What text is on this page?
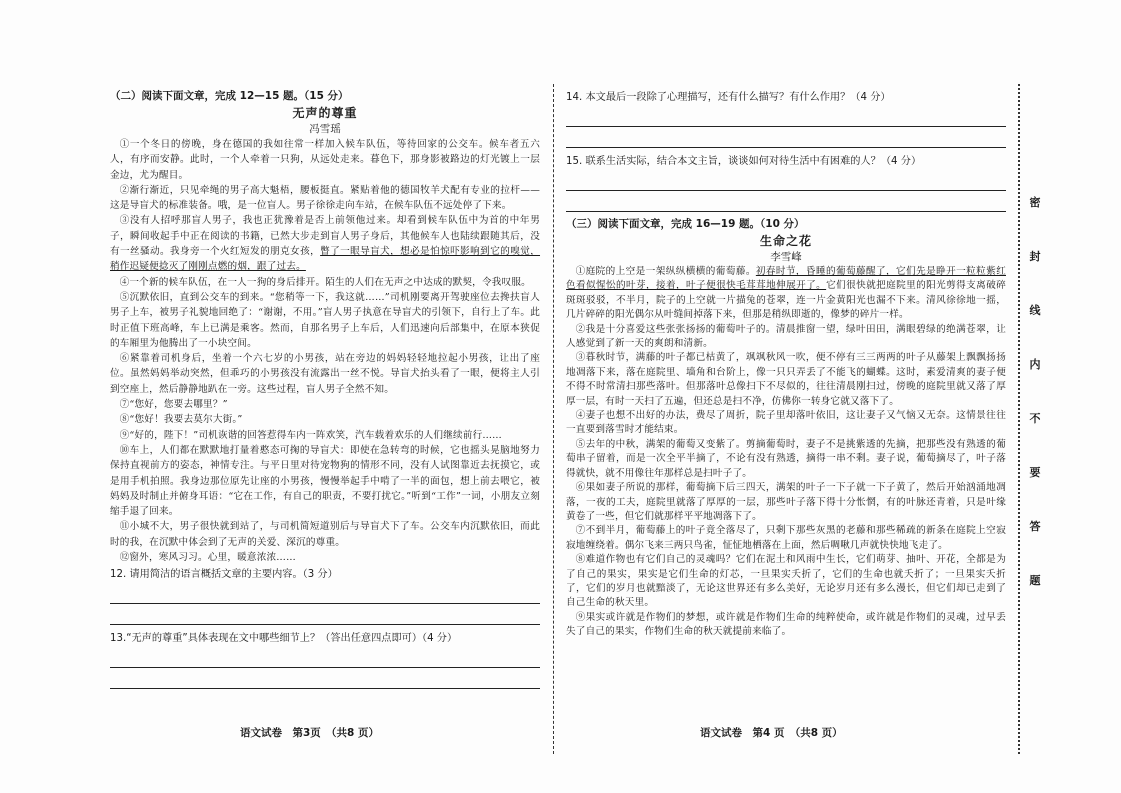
（二）阅读下面文章，完成 12—15 题。（15 分）
无声的尊重
冯雪瑶

①一个冬日的傍晚，身在德国的我如往常一样加入候车队伍，等待回家的公交车。候车者五六人，有序而安静。此时，一个人牵着一只狗，从远处走来。暮色下，那身影被路边的灯光镀上一层金边，尤为醒目。

②渐行渐近，只见牵绳的男子高大魁梧，腰板挺直。紧贴着他的德国牧羊犬配有专业的拉杆——这是导盲犬的标准装备。哦，是一位盲人。男子徐徐走向车站，在候车队伍不远处停了下来。

③没有人招呼那盲人男子，我也正犹豫着是否上前领他过来。却看到候车队伍中为首的中年男子，瞬间收起手中正在阅读的书籍，已然大步走到盲人男子身后，其他候车人也陆续跟随其后，没有一丝骚动。我身旁一个火红短发的朋克女孩，瞥了一眼导盲犬，想必是怕惊吓影响到它的嗅觉，稍作迟疑便捻灭了刚刚点燃的烟，跟了过去。

④一个新的候车队伍，在一人一狗的身后排开。陌生的人们在无声之中达成的默契，令我叹服。

⑤沉默依旧，直到公交车的到来。“您稍等一下，我这就……”司机刚要离开驾驶座位去搀扶盲人男子上车，被男子礼貌地回绝了：“谢谢，不用。”盲人男子执意在导盲犬的引领下，自行上了车。此时正值下班高峰，车上已满是乘客。然而，自那名男子上车后，人们迅速向后部集中，在原本狭促的车厢里为他腾出了一小块空间。

⑥紧靠着司机身后，坐着一个六七岁的小男孩，站在旁边的妈妈轻轻地拉起小男孩，让出了座位。虽然妈妈举动突然，但乖巧的小男孩没有流露出一丝不悦。导盲犬抬头看了一眼，便将主人引到空座上，然后静静地趴在一旁。这些过程，盲人男子全然不知。

⑦“您好，您要去哪里？”

⑧“您好！我要去莫尔大街。”

⑨“好的，陛下！”司机诙谐的回答惹得车内一阵欢笑，汽车载着欢乐的人们继续前行……

⑩车上，人们都在默默地打量着憨态可掬的导盲犬：即使在急转弯的时候，它也摇头晃脑地努力保持直视前方的姿态，神情专注。与平日里对待宠物狗的情形不同，没有人试图靠近去抚摸它，或是用手机拍照。我身边那位原先让座的小男孩，慢慢举起手中啃了一半的面包，想上前去喂它，被妈妈及时制止并俯身耳语：“它在工作，有自己的职责，不要打扰它。”听到“工作”一词，小朋友立刻缩手退了回来。

⑪小城不大，男子很快就到站了，与司机简短道别后与导盲犬下了车。公交车内沉默依旧，而此时的我，在沉默中体会到了无声的关爱、深沉的尊重。

⑫窗外，寒风习习。心里，暖意浓浓……

12. 请用简洁的语言概括文章的主要内容。（3 分）
13.“无声的尊重”具体表现在文中哪些细节上？（答出任意四点即可）（4 分）
14. 本文最后一段除了心理描写，还有什么描写？有什么作用？（4 分）
15. 联系生活实际，结合本文主旨，谈谈如何对待生活中有困难的人？（4 分）
（三）阅读下面文章，完成 16—19 题。（10 分）
生命之花
李雪峰

①庭院的上空是一架纵纵横横的葡萄藤。初春时节，昏睡的葡萄藤醒了，它们先是睁开一粒粒紫红色看似惺忪的叶芽，接着，叶子便很快毛茸茸地伸展开了。它们很快就把庭院里的阳光剪得支离破碎斑斑驳驳，不半月，院子的上空就一片描兔的苍翠，连一片金黄阳光也漏不下来。清风徐徐地一摇，几片碎碎的阳光偶尔从叶缝间掉落下来，但那是稍纵即逝的，像梦的碎片一样。

②我是十分喜爱这些张张扬扬的葡萄叶子的。清晨推窗一望，绿叶田田，满眼碧绿的绝满苍翠，让人感觉到了新一天的爽朗和清新。

③暮秋时节，满藤的叶子都已枯黄了，飒飒秋风一吹，便不停有三三两两的叶子从藤架上飘飘扬扬地凋落下来，落在庭院里、墙角和台阶上，像一只只弄丢了不能飞的蝴蝶。这时，素爱清爽的妻子便不得不时常清扫那些落叶。但那落叶总像扫下不尽似的，往往清晨刚扫过，傍晚的庭院里就又落了厚厚一层，有时一天扫了五遍，但还总是扫不净，仿佛你一转身它就又落下了。

④妻子也想不出好的办法，费尽了周折，院子里却落叶依旧，这让妻子又气恼又无奈。这情景往往一直要到落雪时才能结束。

⑤去年的中秋，满架的葡萄又变紫了。剪摘葡萄时，妻子不是挑紫透的先摘，把那些没有熟透的葡萄串子留着，而是一次全平半摘了，不论有没有熟透，摘得一串不剩。妻子说，葡萄摘尽了，叶子落得就快，就不用像往年那样总是扫叶子了。

⑥果如妻子所说的那样，葡萄摘下后三四天，满架的叶子一下子就一下子黄了，然后开始汹涌地凋落，一夜的工夫，庭院里就落了厚厚的一层，那些叶子落下得十分怅惘，有的叶脉还青着，只是叶缘黄卷了一些，但它们就那样平平地凋落下了。

⑦不到半月，葡萄藤上的叶子竟全落尽了，只剩下那些灰黑的老藤和那些稀疏的新条在庭院上空寂寂地缠绕着。偶尔飞来三两只鸟雀，怔怔地栖落在上面，然后啁啾几声就快快地飞走了。

⑧难道作物也有它们自己的灵魂吗？它们在泥土和风雨中生长，它们萌芽、抽叶、开花，全都是为了自己的果实，果实是它们生命的灯芯，一旦果实夭折了，它们的生命也就夭折了；一旦果实夭折了，它们的岁月也就黯淡了，无论这世界还有多么美好，无论岁月还有多么漫长，但它们却已走到了自己生命的秋天里。

⑨果实或许就是作物们的梦想，或许就是作物们生命的纯粹使命，或许就是作物们的灵魂，过早丢失了自己的果实，作物们生命的秋天就提前来临了。

密
封
线
内
不
要
答
题
语文试卷　第3页　（共8 页）	语文试卷　第4 页　（共8 页）
